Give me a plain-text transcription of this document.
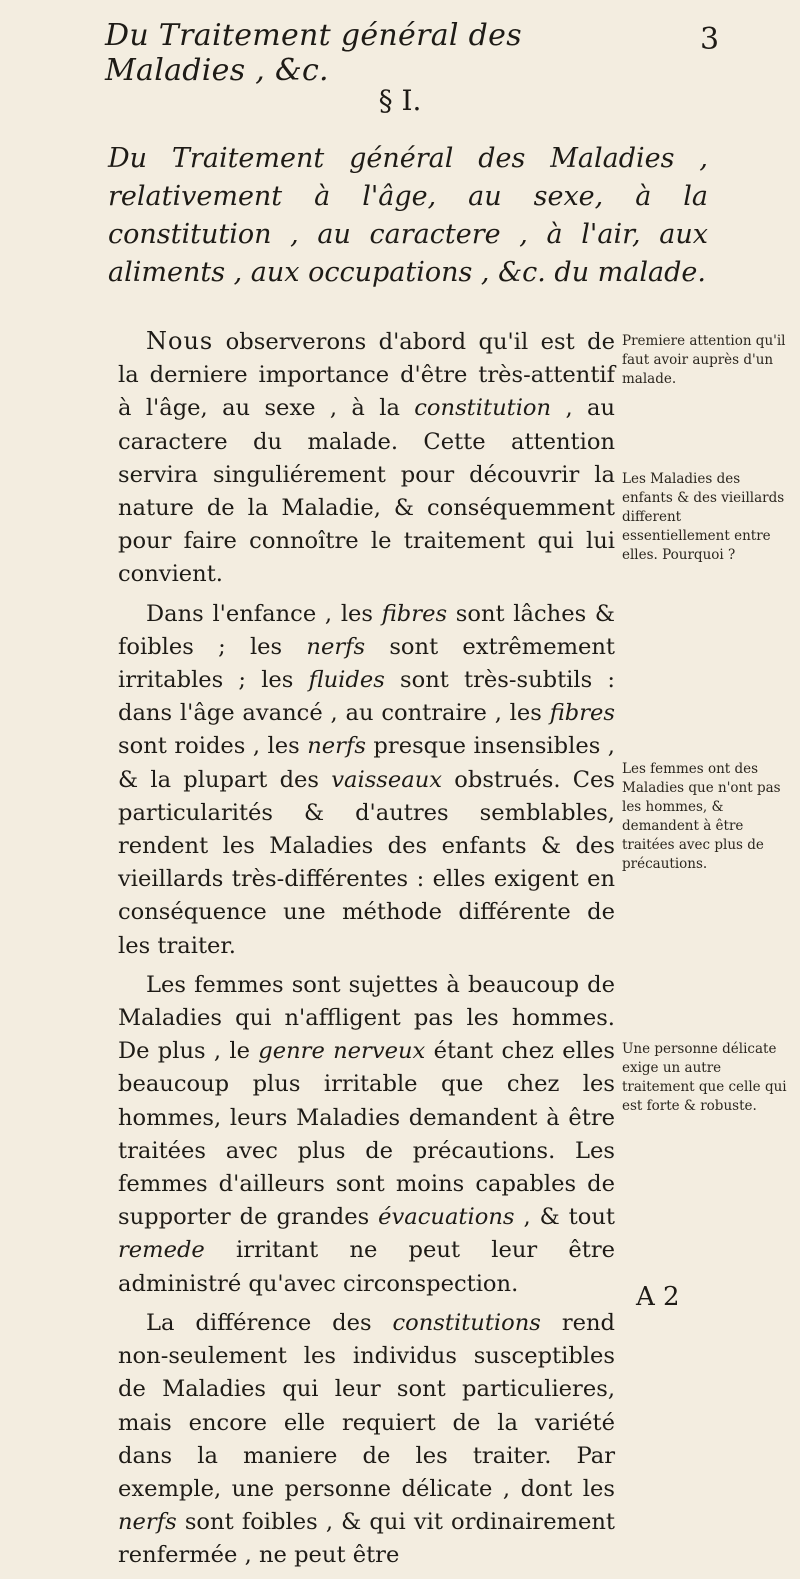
Du Traitement général des Maladies , &c.
3
§ I.
Du Traitement général des Maladies , relativement à l'âge, au sexe, à la constitution , au caractere , à l'air, aux aliments , aux occupations , &c. du malade.

Nous observerons d'abord qu'il est de la derniere importance d'être très-attentif à l'âge, au sexe , à la constitution , au caractere du malade. Cette attention servira singuliérement pour découvrir la nature de la Maladie, & conséquemment pour faire connoître le traitement qui lui convient.

Dans l'enfance , les fibres sont lâches & foibles ; les nerfs sont extrêmement irritables ; les fluides sont très-subtils : dans l'âge avancé , au contraire , les fibres sont roides , les nerfs presque insensibles , & la plupart des vaisseaux obstrués. Ces particularités & d'autres semblables, rendent les Maladies des enfants & des vieillards très-différentes : elles exigent en conséquence une méthode différente de les traiter.

Les femmes sont sujettes à beaucoup de Maladies qui n'affligent pas les hommes. De plus , le genre nerveux étant chez elles beaucoup plus irritable que chez les hommes, leurs Maladies demandent à être traitées avec plus de précautions. Les femmes d'ailleurs sont moins capables de supporter de grandes évacuations , & tout remede irritant ne peut leur être administré qu'avec circonspection.

La différence des constitutions rend non-seulement les individus susceptibles de Maladies qui leur sont particulieres, mais encore elle requiert de la variété dans la maniere de les traiter. Par exemple, une personne délicate , dont les nerfs sont foibles , & qui vit ordinairement renfermée , ne peut être

Premiere attention qu'il faut avoir auprès d'un malade.
Les Maladies des enfants & des vieillards different essentiellement entre elles. Pourquoi ?
Les femmes ont des Maladies que n'ont pas les hommes, & demandent à être traitées avec plus de précautions.
Une personne délicate exige un autre traitement que celle qui est forte & robuste.
A 2
